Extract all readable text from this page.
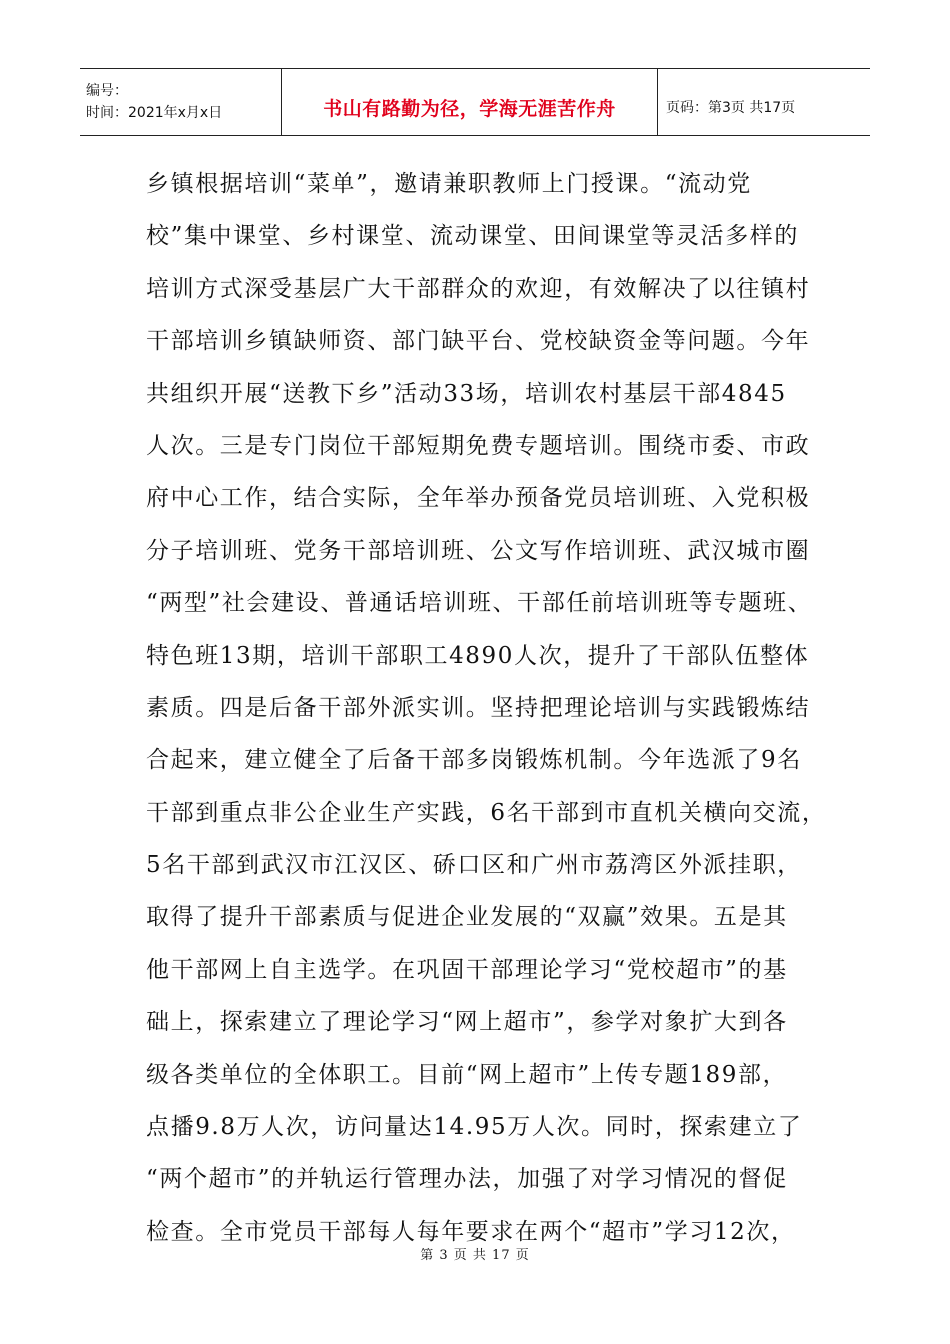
编号：
时间：2021年x月x日	书山有路勤为径，学海无涯苦作舟	页码：第3页 共17页
乡镇根据培训“菜单”，邀请兼职教师上门授课。“流动党
校”集中课堂、乡村课堂、流动课堂、田间课堂等灵活多样的
培训方式深受基层广大干部群众的欢迎，有效解决了以往镇村
干部培训乡镇缺师资、部门缺平台、党校缺资金等问题。今年
共组织开展“送教下乡”活动33场，培训农村基层干部4845
人次。三是专门岗位干部短期免费专题培训。围绕市委、市政
府中心工作，结合实际，全年举办预备党员培训班、入党积极
分子培训班、党务干部培训班、公文写作培训班、武汉城市圈
“两型”社会建设、普通话培训班、干部任前培训班等专题班、
特色班13期，培训干部职工4890人次，提升了干部队伍整体
素质。四是后备干部外派实训。坚持把理论培训与实践锻炼结
合起来，建立健全了后备干部多岗锻炼机制。今年选派了9名
干部到重点非公企业生产实践，6名干部到市直机关横向交流，
5名干部到武汉市江汉区、硚口区和广州市荔湾区外派挂职，
取得了提升干部素质与促进企业发展的“双赢”效果。五是其
他干部网上自主选学。在巩固干部理论学习“党校超市”的基
础上，探索建立了理论学习“网上超市”，参学对象扩大到各
级各类单位的全体职工。目前“网上超市”上传专题189部，
点播9.8万人次，访问量达14.95万人次。同时，探索建立了
“两个超市”的并轨运行管理办法，加强了对学习情况的督促
检查。全市党员干部每人每年要求在两个“超市”学习12次，
第 3 页 共 17 页
